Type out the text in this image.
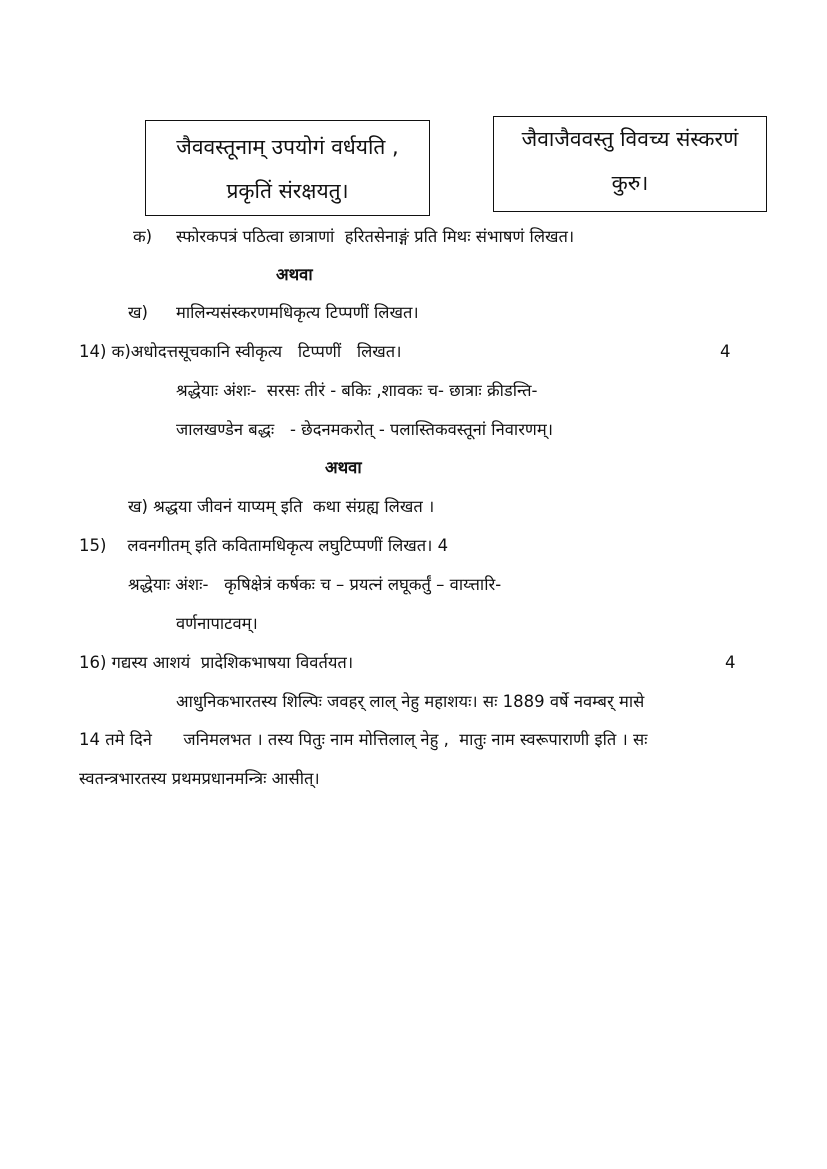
जैववस्तूनाम् उपयोगं वर्धयति ,
प्रकृतिं संरक्षयतु।
जैवाजैववस्तु विवच्य संस्करणं
कुरु।
क) स्फोरकपत्रं पठित्वा छात्राणां  हरितसेनाङ्गं प्रति मिथः संभाषणं लिखत।
अथवा
ख) मालिन्यसंस्करणमधिकृत्य टिप्पणीं लिखत।
14) क)अधोदत्तसूचकानि स्वीकृत्य   टिप्पणीं   लिखत।	4
श्रद्धेयाः अंशः-  सरसः तीरं - बकिः ,शावकः च- छात्राः क्रीडन्ति-
जालखण्डेन बद्धः   - छेदनमकरोत् - पलास्तिकवस्तूनां निवारणम्।
अथवा
ख) श्रद्धया जीवनं याप्यम् इति  कथा संग्रह्य लिखत ।
15)    लवनगीतम् इति कवितामधिकृत्य लघुटिप्पणीं लिखत। 4
श्रद्धेयाः अंशः-   कृषिक्षेत्रं कर्षकः च – प्रयत्नं लघूकर्तुं – वाय्त्तारि-
वर्णनापाटवम्।
16) गद्यस्य आशयं  प्रादेशिकभाषया विवर्तयत।	4
आधुनिकभारतस्य शिल्पिः जवहर् लाल् नेहु महाशयः। सः 1889 वर्षे नवम्बर् मासे
14 तमे दिने      जनिमलभत । तस्य पितुः नाम मोत्तिलाल् नेहु ,  मातुः नाम स्वरूपाराणी इति । सः
स्वतन्त्रभारतस्य प्रथमप्रधानमन्त्रिः आसीत्।
